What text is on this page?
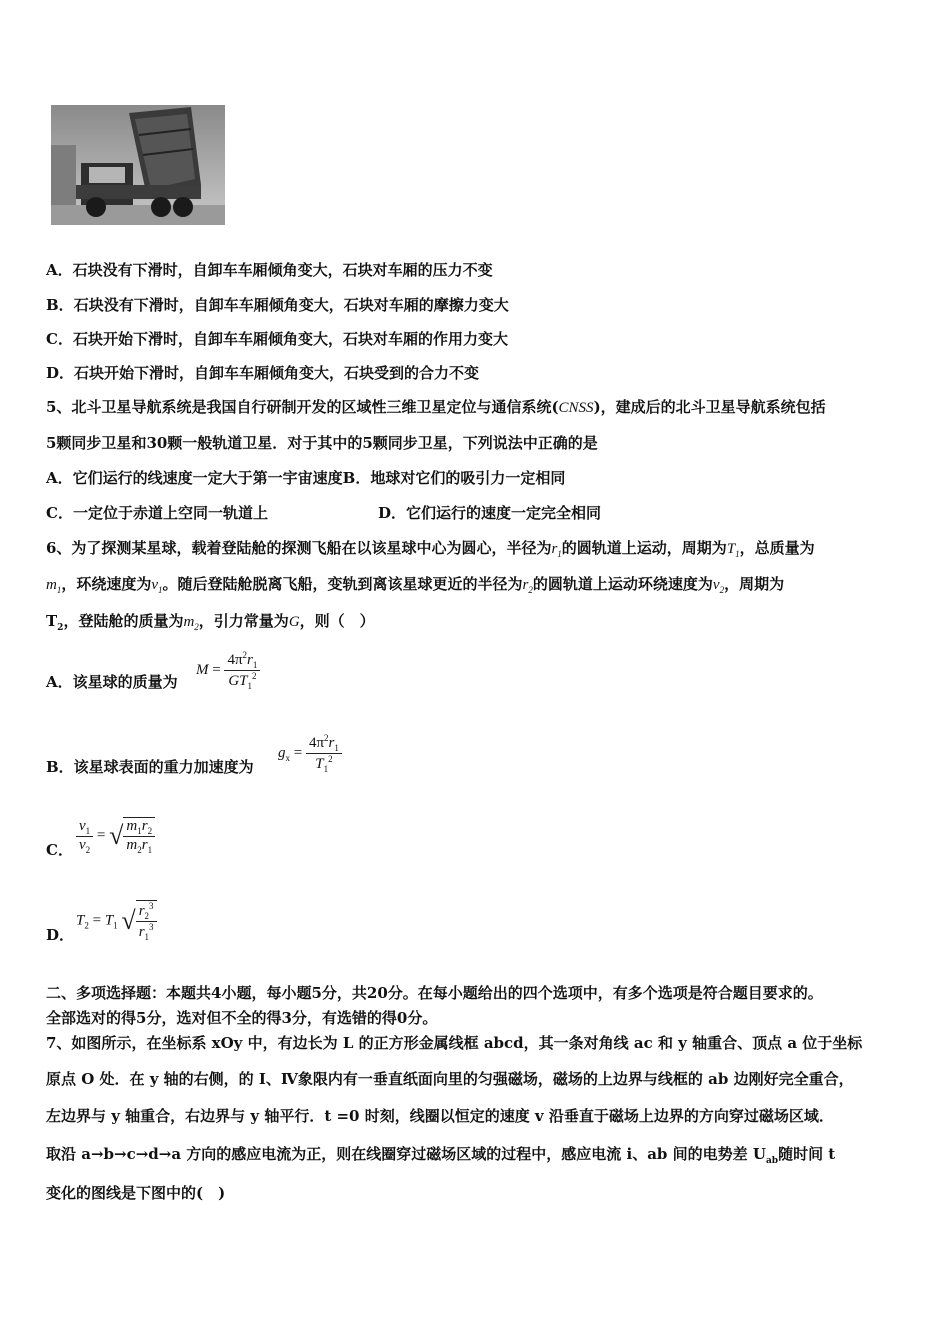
A．石块没有下滑时，自卸车车厢倾角变大，石块对车厢的压力不变
B．石块没有下滑时，自卸车车厢倾角变大，石块对车厢的摩擦力变大
C．石块开始下滑时，自卸车车厢倾角变大，石块对车厢的作用力变大
D．石块开始下滑时，自卸车车厢倾角变大，石块受到的合力不变
5、北斗卫星导航系统是我国自行研制开发的区域性三维卫星定位与通信系统(CNSS)，建成后的北斗卫星导航系统包括
5颗同步卫星和30颗一般轨道卫星．对于其中的5颗同步卫星，下列说法中正确的是
A．它们运行的线速度一定大于第一宇宙速度B．地球对它们的吸引力一定相同
C．一定位于赤道上空同一轨道上	D．它们运行的速度一定完全相同
6、为了探测某星球，载着登陆舱的探测飞船在以该星球中心为圆心，半径为$r_1$的圆轨道上运动，周期为$T_1$，总质量为
$m_1$，环绕速度为$v_1$。随后登陆舱脱离飞船，变轨到离该星球更近的半径为$r_2$的圆轨道上运动环绕速度为$v_2$，周期为
$T_2$，登陆舱的质量为$m_2$，引力常量为G，则（　）
A．该星球的质量为
$M = \frac{4\pi^2r_1}{GT_1^2}$
B．该星球表面的重力加速度为
$g_x = \frac{4\pi^2r_1}{T_1^2}$
C． $\frac{v_1}{v_2}$ = √ $\frac{m_1r_2}{m_2r_1}$
D．
$T_2 = T_1$ √ $\frac{r_2^3}{r_1^3}$
二、多项选择题：本题共4小题，每小题5分，共20分。在每小题给出的四个选项中，有多个选项是符合题目要求的。
全部选对的得5分，选对但不全的得3分，有选错的得0分。
7、如图所示，在坐标系 xOy 中，有边长为 L 的正方形金属线框 abcd，其一条对角线 ac 和 y 轴重合、顶点 a 位于坐标
原点 O 处．在 y 轴的右侧，的 I、Ⅳ象限内有一垂直纸面向里的匀强磁场，磁场的上边界与线框的 ab 边刚好完全重合，
左边界与 y 轴重合，右边界与 y 轴平行．t =0 时刻，线圈以恒定的速度 v 沿垂直于磁场上边界的方向穿过磁场区域．
取沿 a→b→c→d→a 方向的感应电流为正，则在线圈穿过磁场区域的过程中，感应电流 i、ab 间的电势差 $U_{ab}$随时间 t
变化的图线是下图中的(　)
